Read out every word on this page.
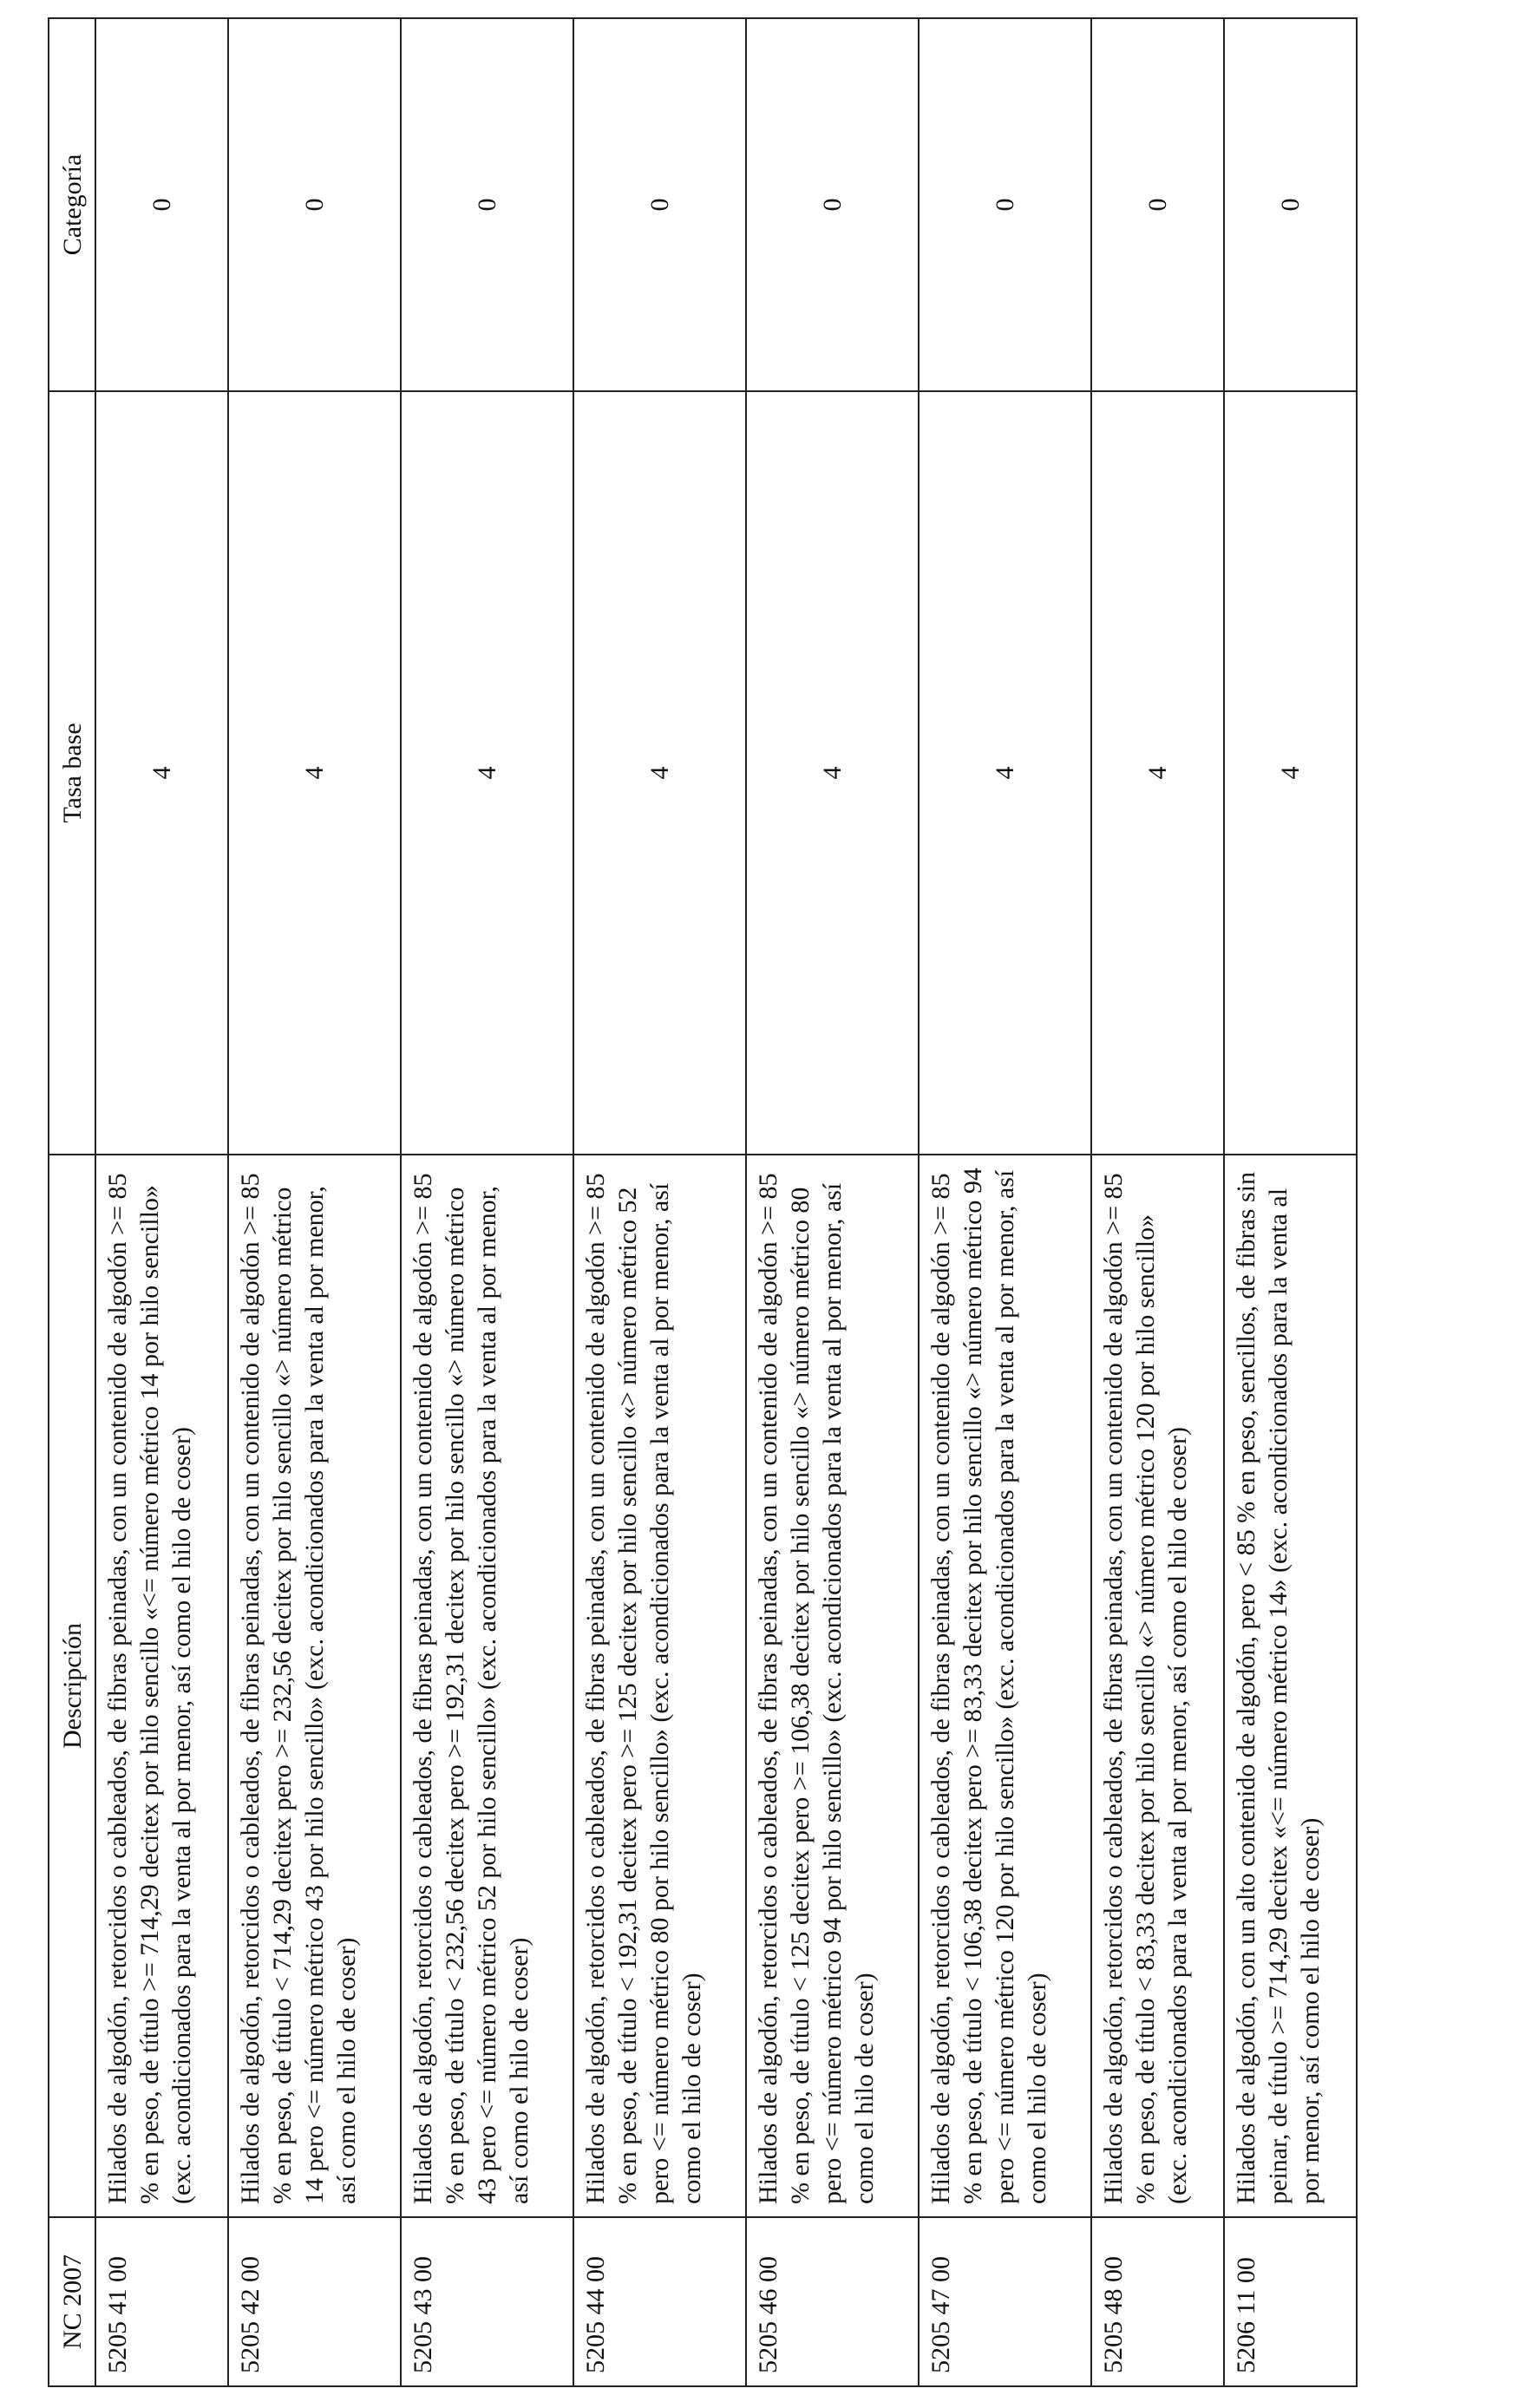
NC 2007	Descripción	Tasa base	Categoría
5205 41 00	Hilados de algodón, retorcidos o cableados, de fibras peinadas, con un contenido de algodón >= 85 % en peso, de título >= 714,29 decitex por hilo sencillo «<= número métrico 14 por hilo sencillo» (exc. acondicionados para la venta al por menor, así como el hilo de coser)	4	0
5205 42 00	Hilados de algodón, retorcidos o cableados, de fibras peinadas, con un contenido de algodón >= 85 % en peso, de título < 714,29 decitex pero >= 232,56 decitex por hilo sencillo «> número métrico 14 pero <= número métrico 43 por hilo sencillo» (exc. acondicionados para la venta al por menor, así como el hilo de coser)	4	0
5205 43 00	Hilados de algodón, retorcidos o cableados, de fibras peinadas, con un contenido de algodón >= 85 % en peso, de título < 232,56 decitex pero >= 192,31 decitex por hilo sencillo «> número métrico 43 pero <= número métrico 52 por hilo sencillo» (exc. acondicionados para la venta al por menor, así como el hilo de coser)	4	0
5205 44 00	Hilados de algodón, retorcidos o cableados, de fibras peinadas, con un contenido de algodón >= 85 % en peso, de título < 192,31 decitex pero >= 125 decitex por hilo sencillo «> número métrico 52 pero <= número métrico 80 por hilo sencillo» (exc. acondicionados para la venta al por menor, así como el hilo de coser)	4	0
5205 46 00	Hilados de algodón, retorcidos o cableados, de fibras peinadas, con un contenido de algodón >= 85 % en peso, de título < 125 decitex pero >= 106,38 decitex por hilo sencillo «> número métrico 80 pero <= número métrico 94 por hilo sencillo» (exc. acondicionados para la venta al por menor, así como el hilo de coser)	4	0
5205 47 00	Hilados de algodón, retorcidos o cableados, de fibras peinadas, con un contenido de algodón >= 85 % en peso, de título < 106,38 decitex pero >= 83,33 decitex por hilo sencillo «> número métrico 94 pero <= número métrico 120 por hilo sencillo» (exc. acondicionados para la venta al por menor, así como el hilo de coser)	4	0
5205 48 00	Hilados de algodón, retorcidos o cableados, de fibras peinadas, con un contenido de algodón >= 85 % en peso, de título < 83,33 decitex por hilo sencillo «> número métrico 120 por hilo sencillo» (exc. acondicionados para la venta al por menor, así como el hilo de coser)	4	0
5206 11 00	Hilados de algodón, con un alto contenido de algodón, pero < 85 % en peso, sencillos, de fibras sin peinar, de título >= 714,29 decitex «<= número métrico 14» (exc. acondicionados para la venta al por menor, así como el hilo de coser)	4	0
